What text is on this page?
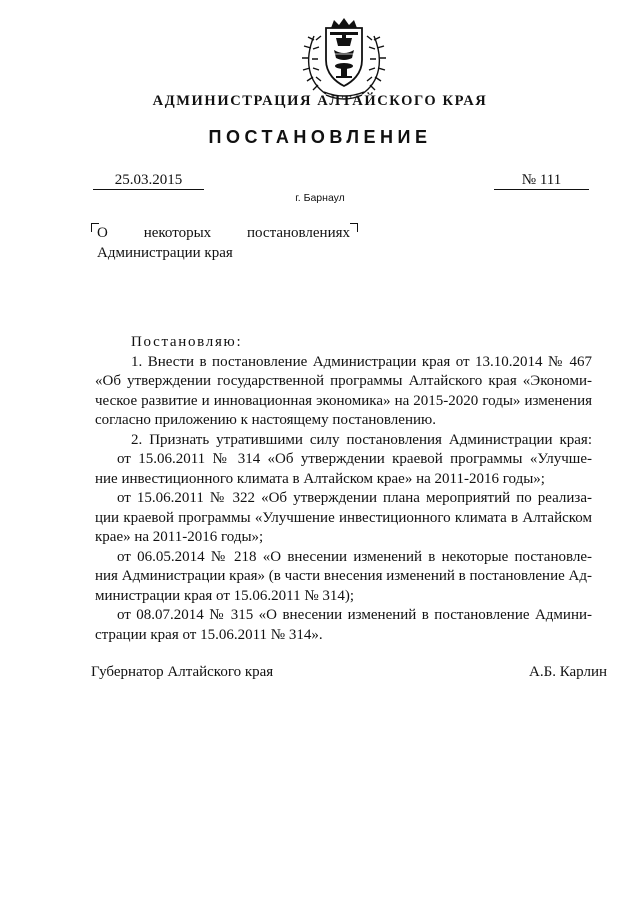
АДМИНИСТРАЦИЯ АЛТАЙСКОГО КРАЯ
ПОСТАНОВЛЕНИЕ
25.03.2015	№ 111
г. Барнаул
О некоторых постановлениях Администрации края
Постановляю:
1. Внести в постановление Администрации края от 13.10.2014 № 467
«Об утверждении государственной программы Алтайского края «Экономи-
ческое развитие и инновационная экономика» на 2015-2020 годы» изменения
согласно приложению к настоящему постановлению.
2. Признать утратившими силу постановления Администрации края:
от 15.06.2011 № 314 «Об утверждении краевой программы «Улучше-
ние инвестиционного климата в Алтайском крае» на 2011-2016 годы»;
от 15.06.2011 № 322 «Об утверждении плана мероприятий по реализа-
ции краевой программы «Улучшение инвестиционного климата в Алтайском
крае» на 2011-2016 годы»;
от 06.05.2014 № 218 «О внесении изменений в некоторые постановле-
ния Администрации края» (в части внесения изменений в постановление Ад-
министрации края от 15.06.2011 № 314);
от 08.07.2014 № 315 «О внесении изменений в постановление Админи-
страции края от 15.06.2011 № 314».
Губернатор Алтайского края	А.Б. Карлин
